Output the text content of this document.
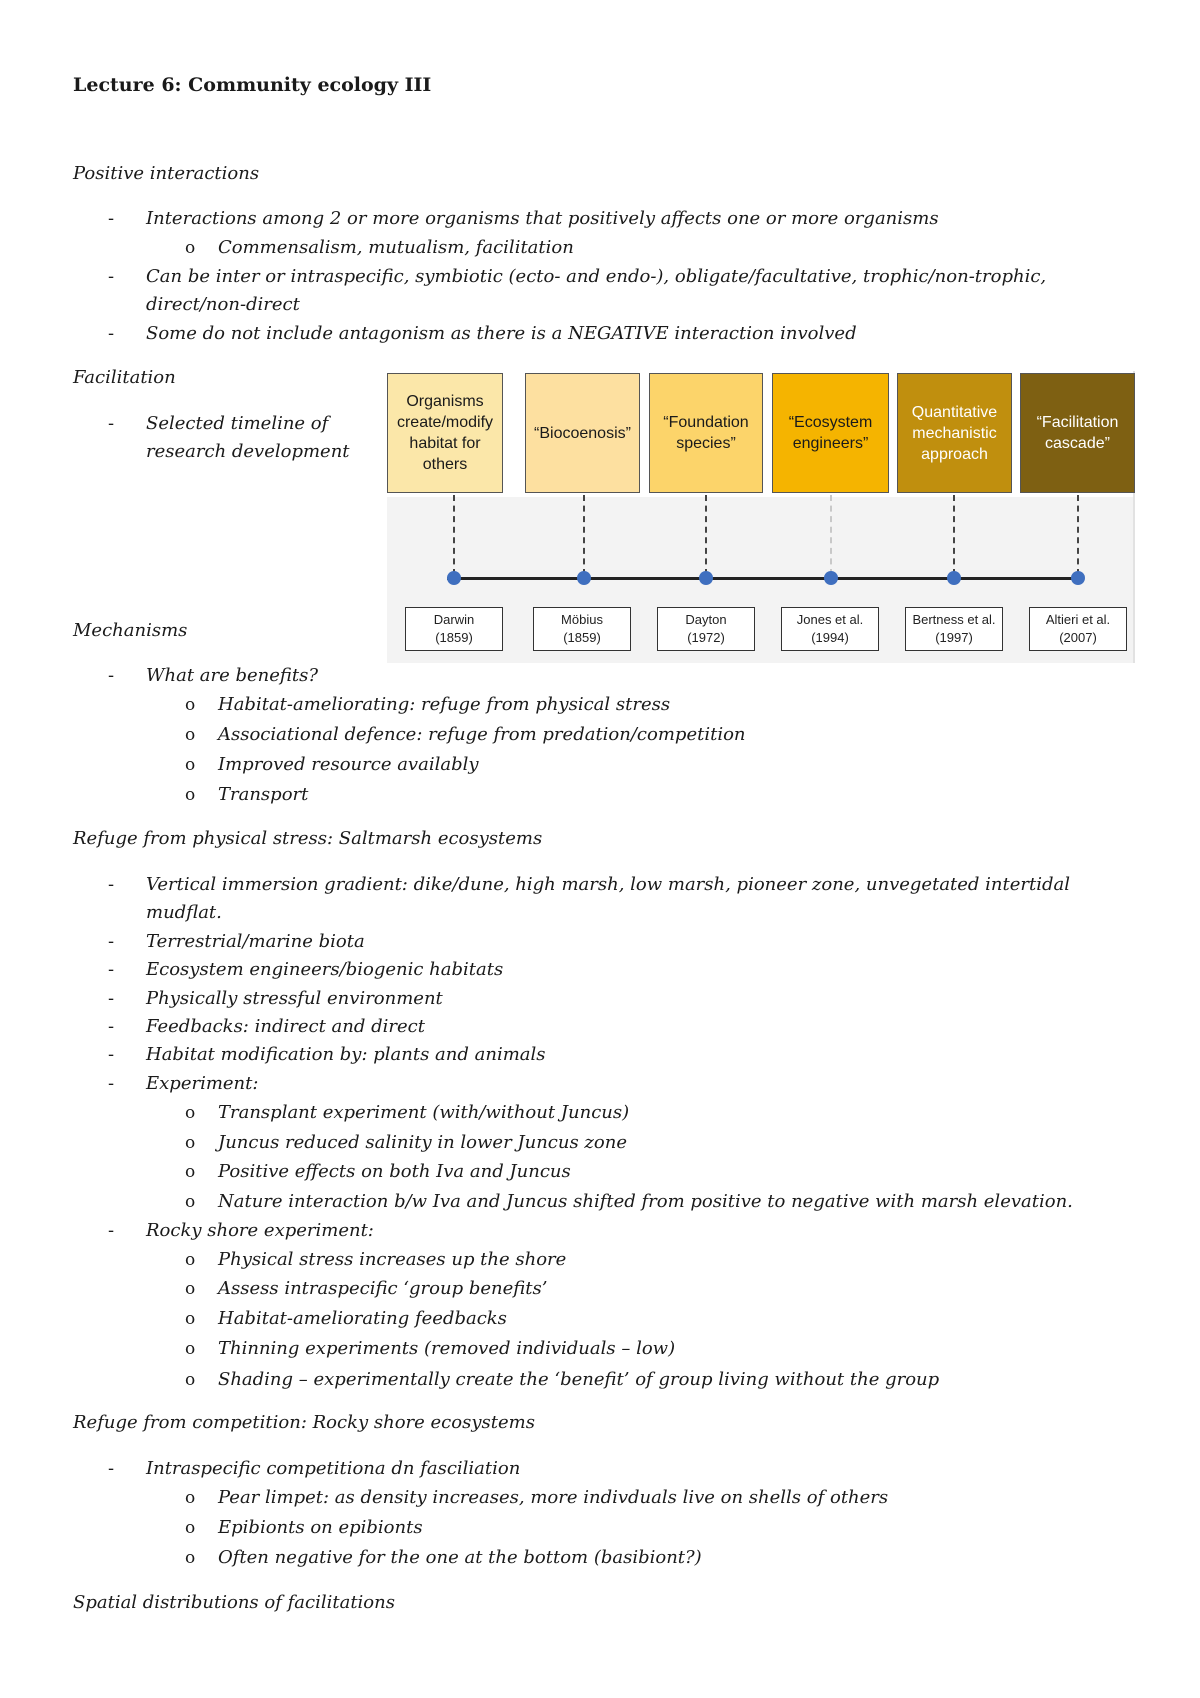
Lecture 6: Community ecology III
Positive interactions
- Interactions among 2 or more organisms that positively affects one or more organisms
o Commensalism, mutualism, facilitation
- Can be inter or intraspecific, symbiotic (ecto- and endo-), obligate/facultative, trophic/non-trophic,
direct/non-direct
- Some do not include antagonism as there is a NEGATIVE interaction involved
Facilitation
- Selected timeline of
research development
Organisms create/modify habitat for others
“Biocoenosis”
“Foundation species”
“Ecosystem engineers”
Quantitative mechanistic approach
“Facilitation cascade”
Darwin
(1859)
Möbius
(1859)
Dayton
(1972)
Jones et al.
(1994)
Bertness et al.
(1997)
Altieri et al.
(2007)
Mechanisms
- What are benefits?
o Habitat-ameliorating: refuge from physical stress
o Associational defence: refuge from predation/competition
o Improved resource availably
o Transport
Refuge from physical stress: Saltmarsh ecosystems
- Vertical immersion gradient: dike/dune, high marsh, low marsh, pioneer zone, unvegetated intertidal
mudflat.
- Terrestrial/marine biota
- Ecosystem engineers/biogenic habitats
- Physically stressful environment
- Feedbacks: indirect and direct
- Habitat modification by: plants and animals
- Experiment:
o Transplant experiment (with/without Juncus)
o Juncus reduced salinity in lower Juncus zone
o Positive effects on both Iva and Juncus
o Nature interaction b/w Iva and Juncus shifted from positive to negative with marsh elevation.
- Rocky shore experiment:
o Physical stress increases up the shore
o Assess intraspecific ‘group benefits’
o Habitat-ameliorating feedbacks
o Thinning experiments (removed individuals – low)
o Shading – experimentally create the ‘benefit’ of group living without the group
Refuge from competition: Rocky shore ecosystems
- Intraspecific competitiona dn fasciliation
o Pear limpet: as density increases, more indivduals live on shells of others
o Epibionts on epibionts
o Often negative for the one at the bottom (basibiont?)
Spatial distributions of facilitations
